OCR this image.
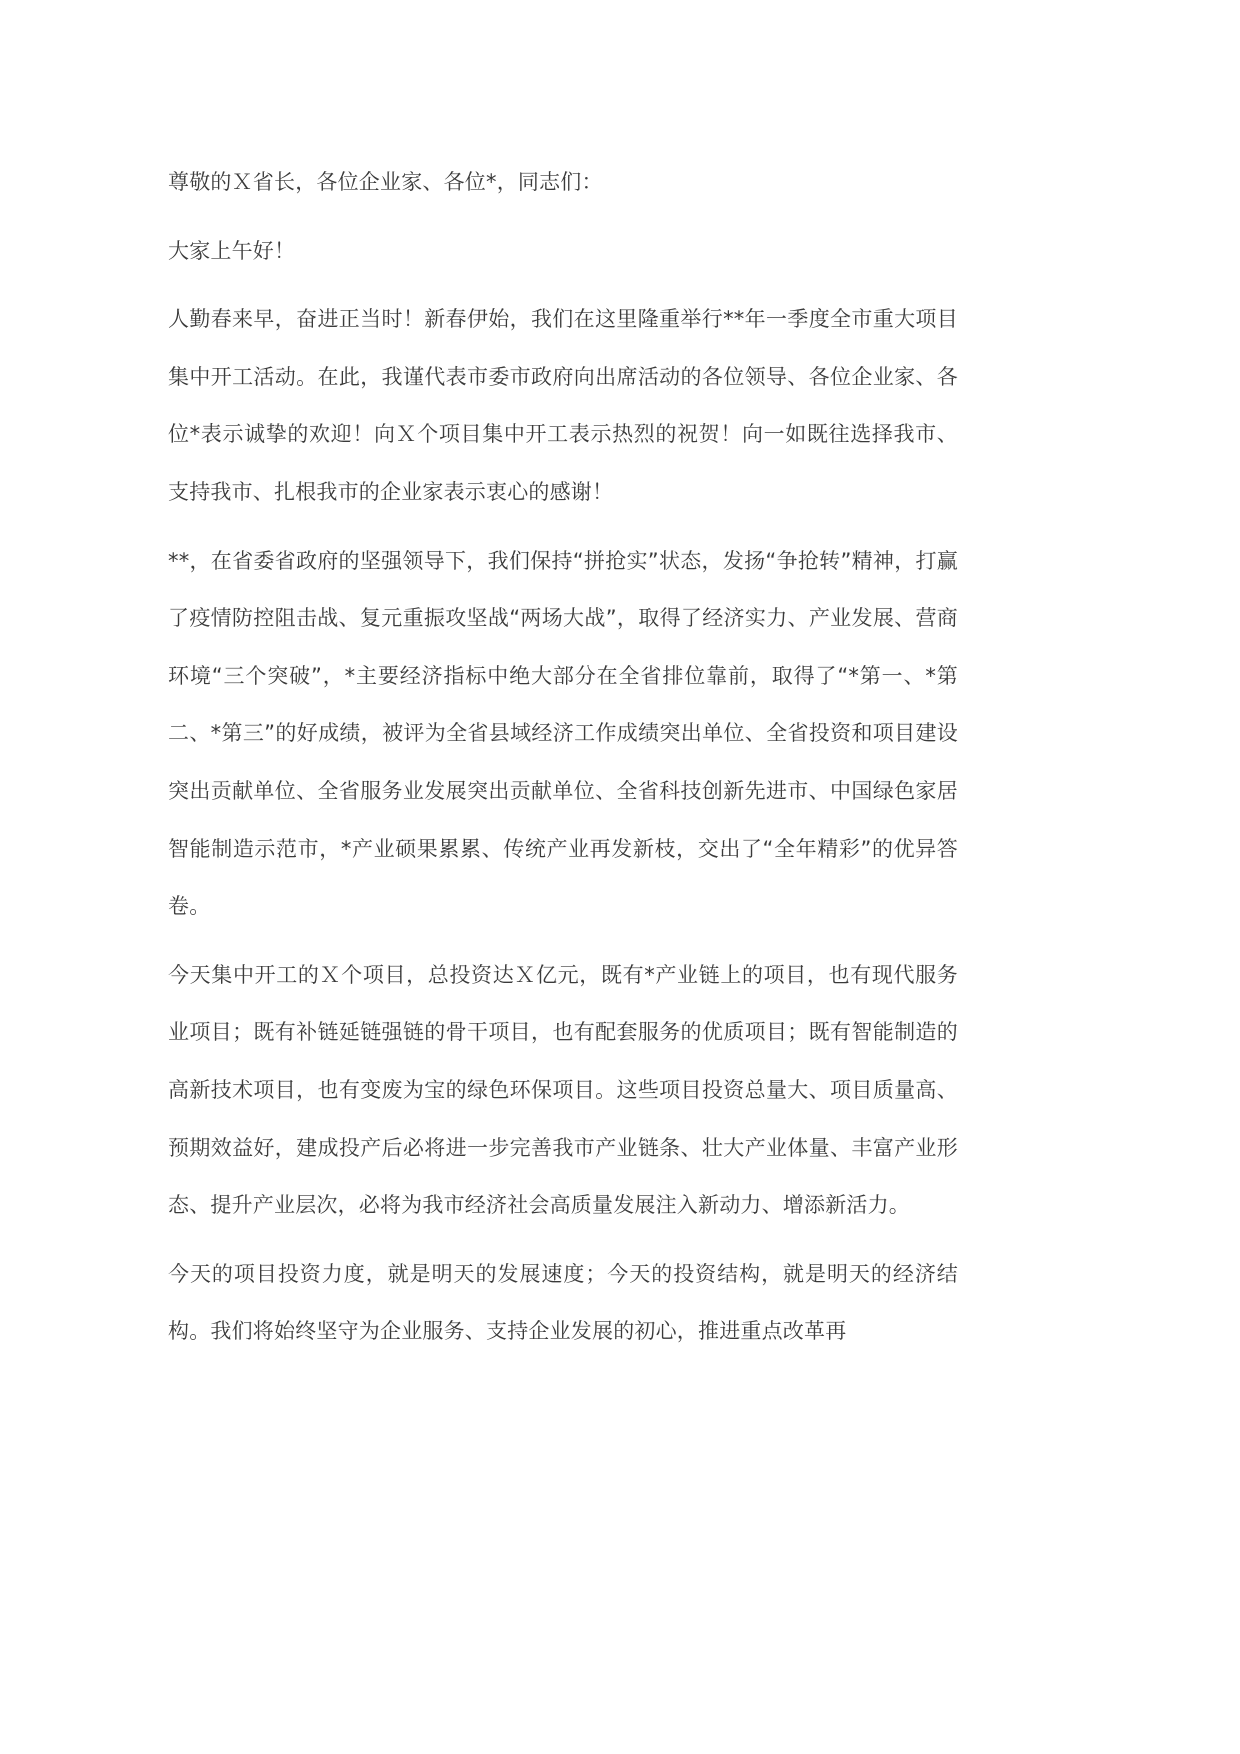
尊敬的Ｘ省长，各位企业家、各位*，同志们：

大家上午好！

人勤春来早，奋进正当时！新春伊始，我们在这里隆重举行**年一季度全市重大项目集中开工活动。在此，我谨代表市委市政府向出席活动的各位领导、各位企业家、各位*表示诚挚的欢迎！向Ｘ个项目集中开工表示热烈的祝贺！向一如既往选择我市、支持我市、扎根我市的企业家表示衷心的感谢！

**，在省委省政府的坚强领导下，我们保持“拼抢实”状态，发扬“争抢转”精神，打赢了疫情防控阻击战、复元重振攻坚战“两场大战”，取得了经济实力、产业发展、营商环境“三个突破”，*主要经济指标中绝大部分在全省排位靠前，取得了“*第一、*第二、*第三”的好成绩，被评为全省县域经济工作成绩突出单位、全省投资和项目建设突出贡献单位、全省服务业发展突出贡献单位、全省科技创新先进市、中国绿色家居智能制造示范市，*产业硕果累累、传统产业再发新枝，交出了“全年精彩”的优异答卷。

今天集中开工的Ｘ个项目，总投资达Ｘ亿元，既有*产业链上的项目，也有现代服务业项目；既有补链延链强链的骨干项目，也有配套服务的优质项目；既有智能制造的高新技术项目，也有变废为宝的绿色环保项目。这些项目投资总量大、项目质量高、预期效益好，建成投产后必将进一步完善我市产业链条、壮大产业体量、丰富产业形态、提升产业层次，必将为我市经济社会高质量发展注入新动力、增添新活力。

今天的项目投资力度，就是明天的发展速度；今天的投资结构，就是明天的经济结构。我们将始终坚守为企业服务、支持企业发展的初心，推进重点改革再
